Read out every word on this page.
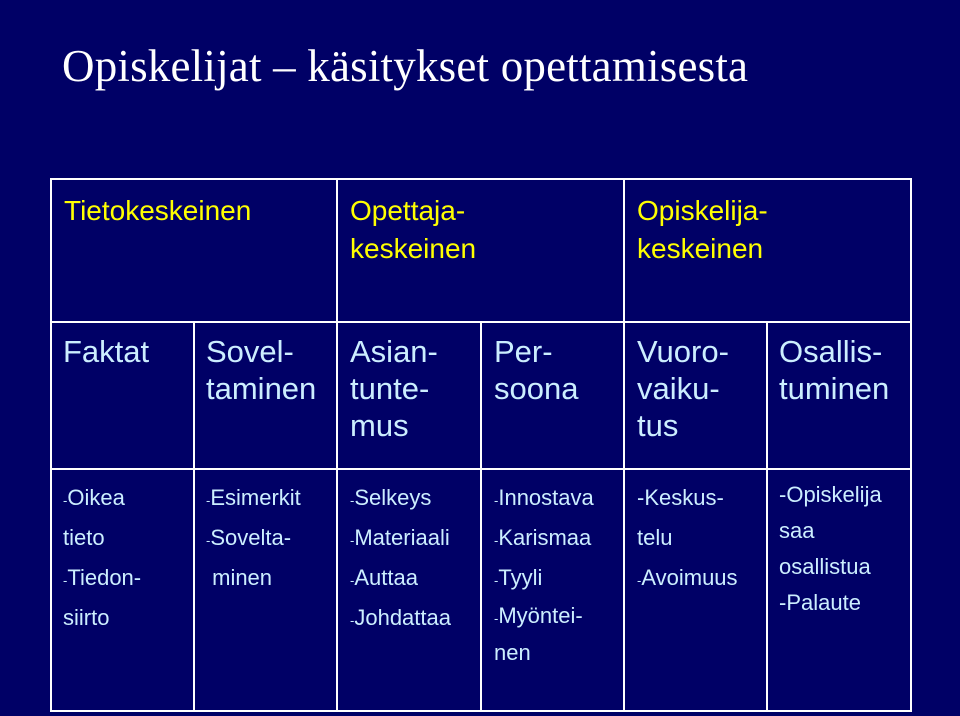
Opiskelijat – käsitykset opettamisesta
Tietokeskeinen	Opettaja-
keskeinen
Opiskelija-
keskeinen
Faktat Sovel-
taminen
Asian-
tunte-
mus
Per-
soona
Vuoro-
vaiku-
tus
Osallis-
tuminen
-Oikea
tieto
-Tiedon-
siirto
-Esimerkit
-Sovelta-
minen
-Selkeys
-Materiaali
-Auttaa
-Johdattaa
-Innostava
-Karismaa
-Tyyli
-Myöntei-
nen
-Keskus-
telu
-Avoimuus
-Opiskelija
saa
osallistua
-Palaute
